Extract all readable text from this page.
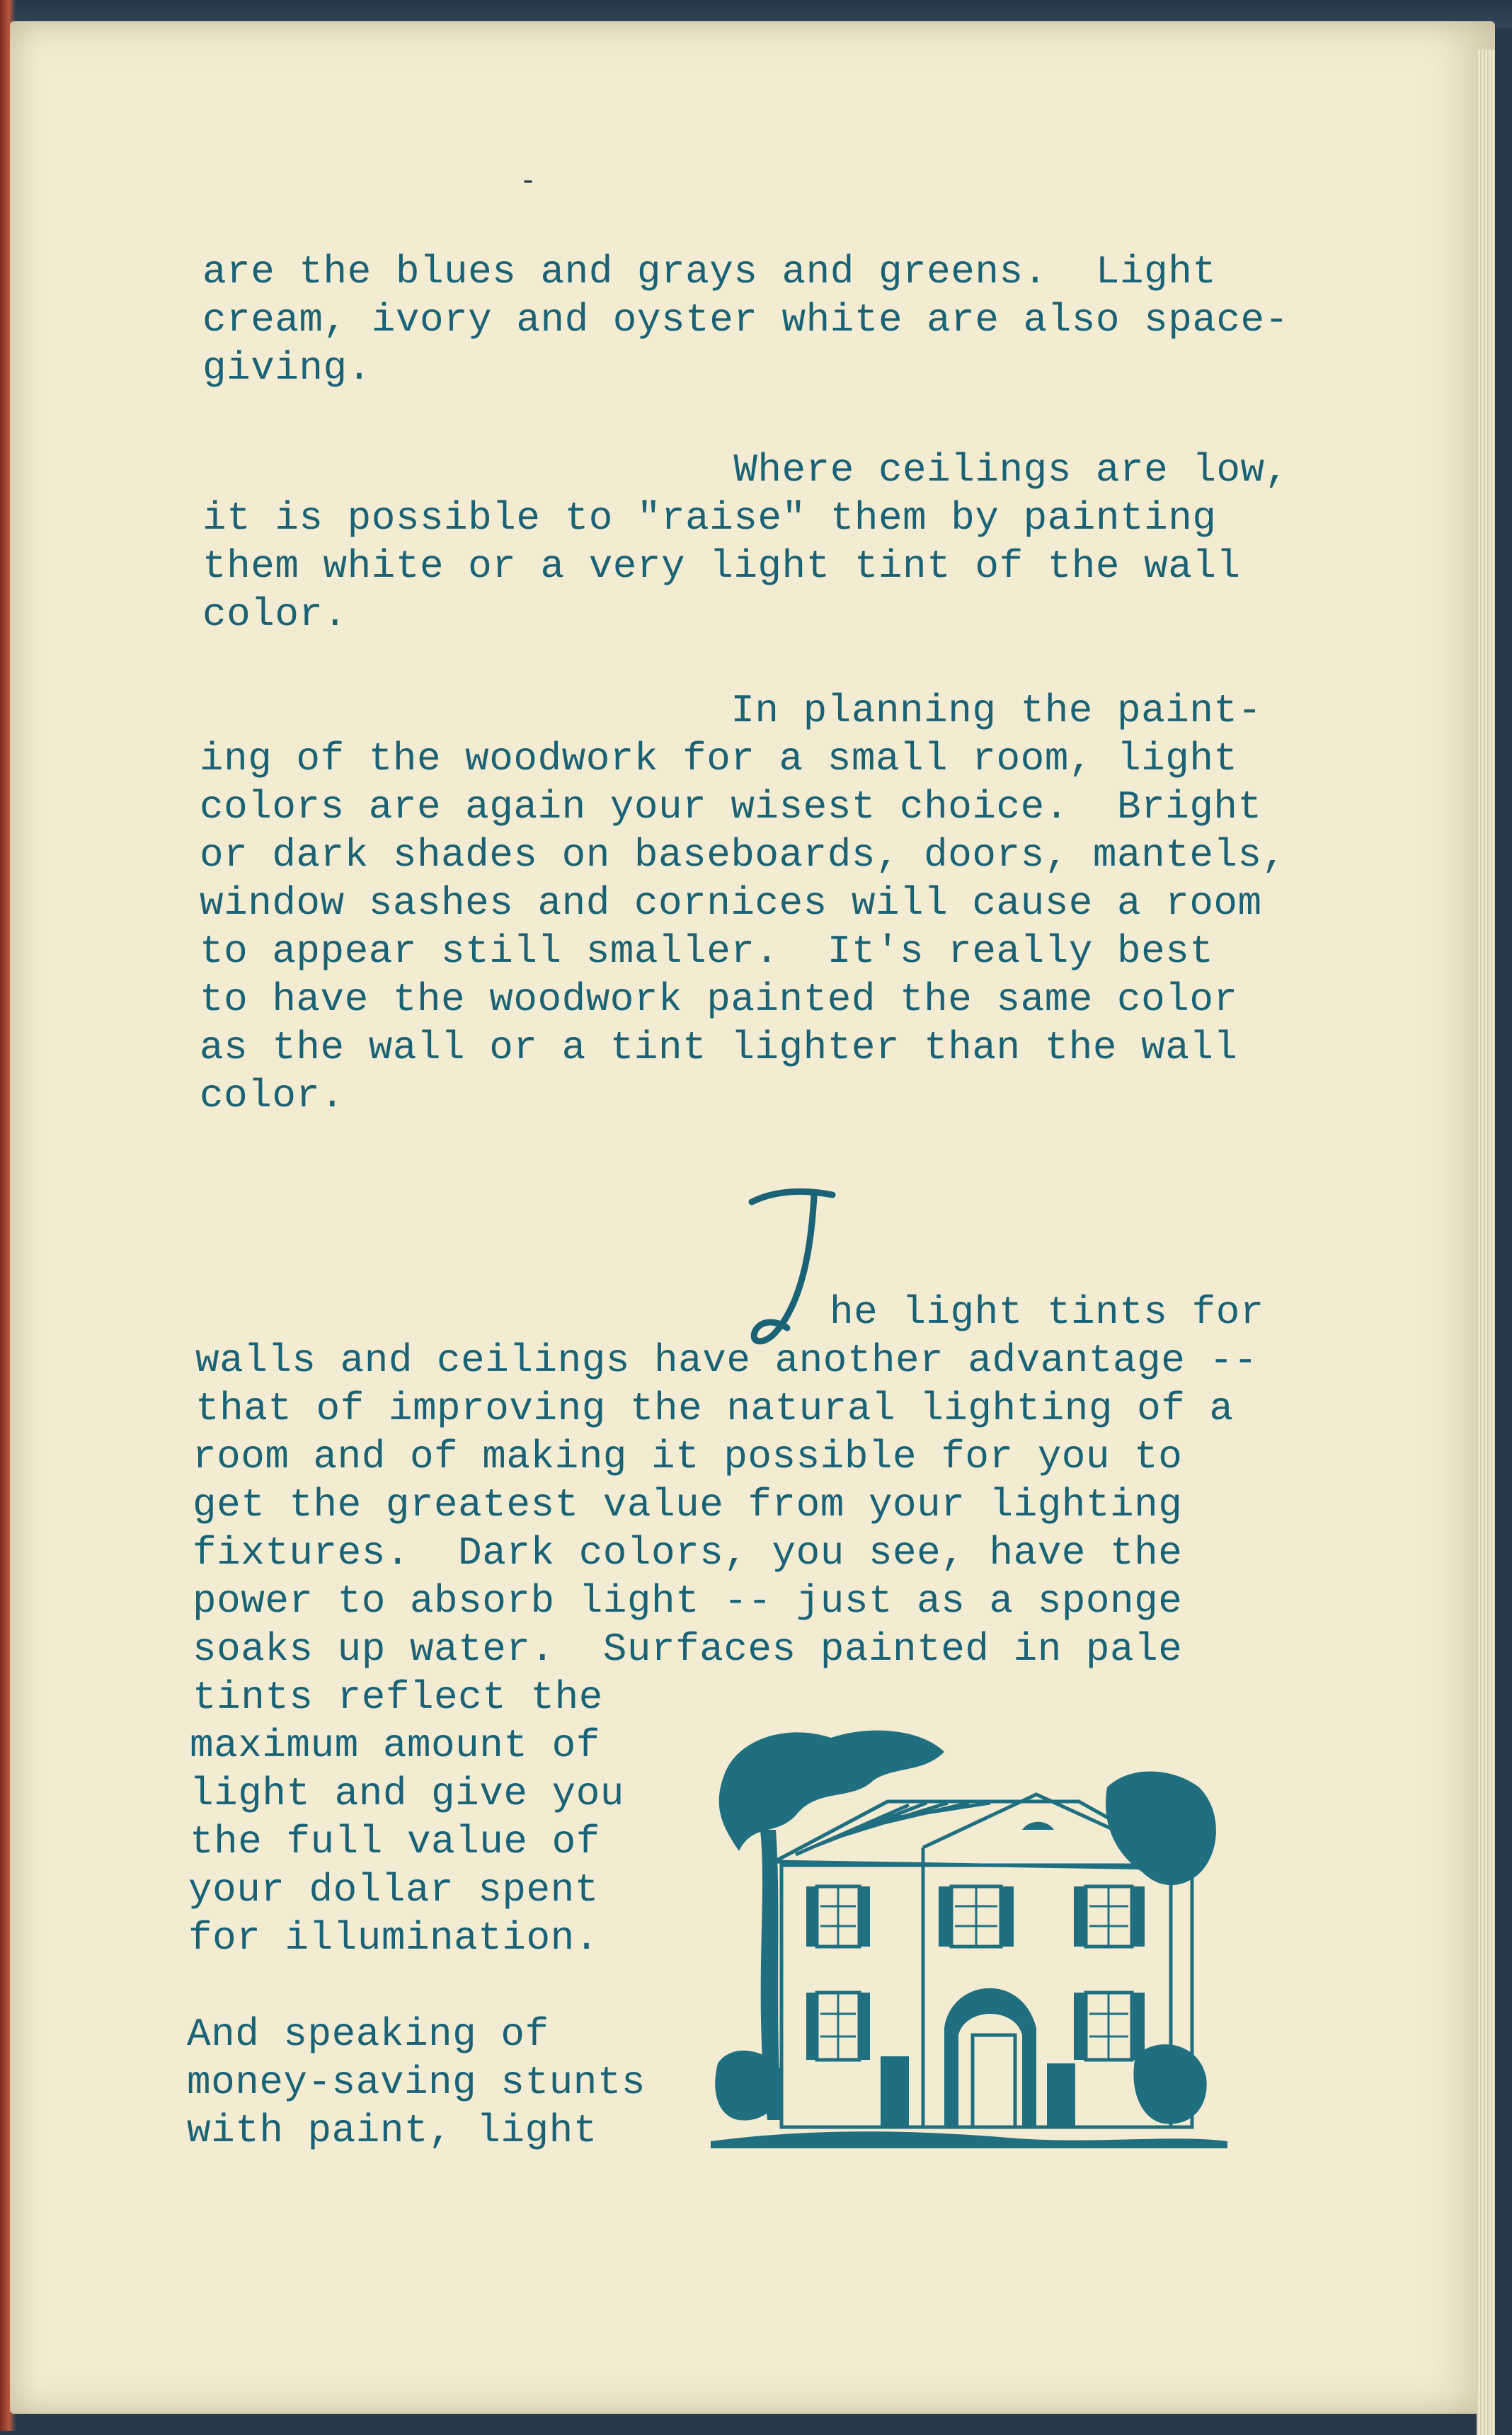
-
are the blues and grays and greens.  Light
cream, ivory and oyster white are also space-
giving.
Where ceilings are low,
it is possible to "raise" them by painting
them white or a very light tint of the wall
color.
In planning the paint-
ing of the woodwork for a small room, light
colors are again your wisest choice.  Bright
or dark shades on baseboards, doors, mantels,
window sashes and cornices will cause a room
to appear still smaller.  It's really best
to have the woodwork painted the same color
as the wall or a tint lighter than the wall
color.
T
he light tints for
walls and ceilings have another advantage --
that of improving the natural lighting of a
room and of making it possible for you to
get the greatest value from your lighting
fixtures.  Dark colors, you see, have the
power to absorb light -- just as a sponge
soaks up water.  Surfaces painted in pale
tints reflect the
maximum amount of
light and give you
the full value of
your dollar spent
for illumination.
And speaking of
money-saving stunts
with paint, light
